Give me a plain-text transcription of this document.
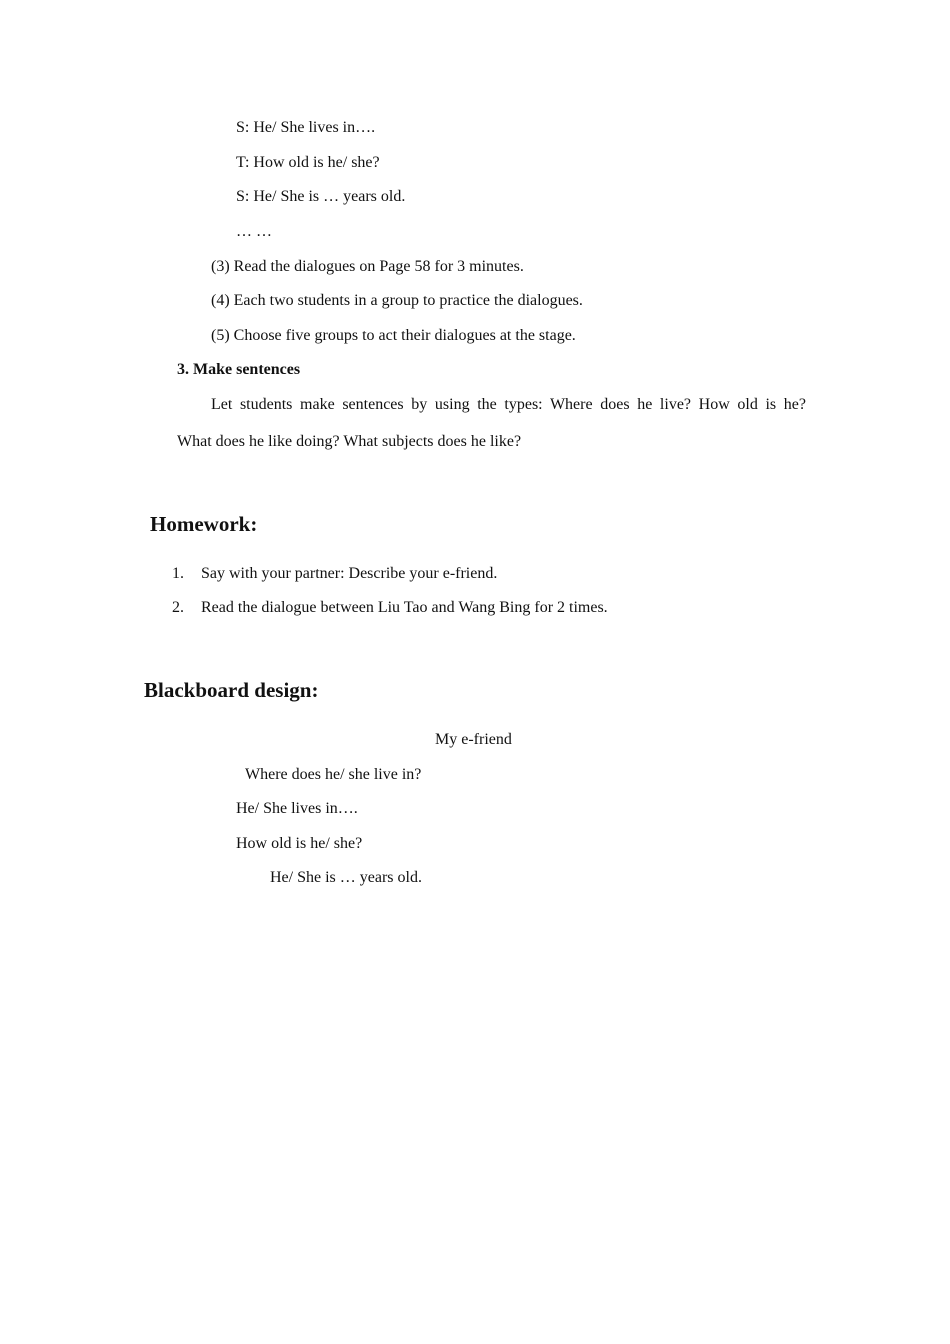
S: He/ She lives in….
T: How old is he/ she?
S: He/ She is … years old.
… …
(3) Read the dialogues on Page 58 for 3 minutes.
(4) Each two students in a group to practice the dialogues.
(5) Choose five groups to act their dialogues at the stage.
3. Make sentences
Let students make sentences by using the types: Where does he live? How old is he?
What does he like doing? What subjects does he like?
Homework:
1. Say with your partner: Describe your e-friend.
2. Read the dialogue between Liu Tao and Wang Bing for 2 times.
Blackboard design:
My e-friend
Where does he/ she live in?
He/ She lives in….
How old is he/ she?
He/ She is … years old.
